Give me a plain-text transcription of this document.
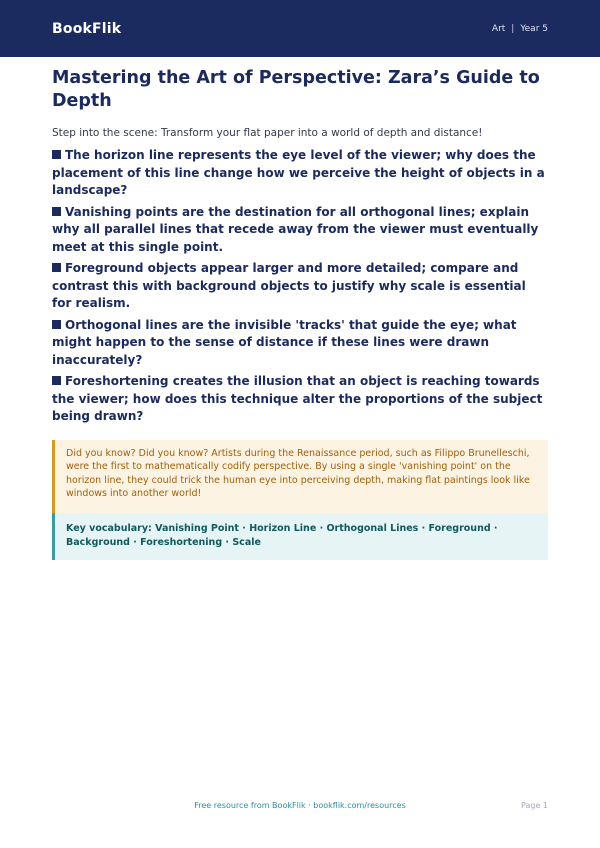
BookFlik	Art | Year 5
Mastering the Art of Perspective: Zara’s Guide to Depth

Step into the scene: Transform your flat paper into a world of depth and distance!

The horizon line represents the eye level of the viewer; why does the placement of this line change how we perceive the height of objects in a landscape?
Vanishing points are the destination for all orthogonal lines; explain why all parallel lines that recede away from the viewer must eventually meet at this single point.
Foreground objects appear larger and more detailed; compare and contrast this with background objects to justify why scale is essential for realism.
Orthogonal lines are the invisible 'tracks' that guide the eye; what might happen to the sense of distance if these lines were drawn inaccurately?
Foreshortening creates the illusion that an object is reaching towards the viewer; how does this technique alter the proportions of the subject being drawn?
Did you know? Did you know? Artists during the Renaissance period, such as Filippo Brunelleschi, were the first to mathematically codify perspective. By using a single 'vanishing point' on the horizon line, they could trick the human eye into perceiving depth, making flat paintings look like windows into another world!
Key vocabulary: Vanishing Point · Horizon Line · Orthogonal Lines · Foreground · Background · Foreshortening · Scale
Free resource from BookFlik · bookflik.com/resources	Page 1
